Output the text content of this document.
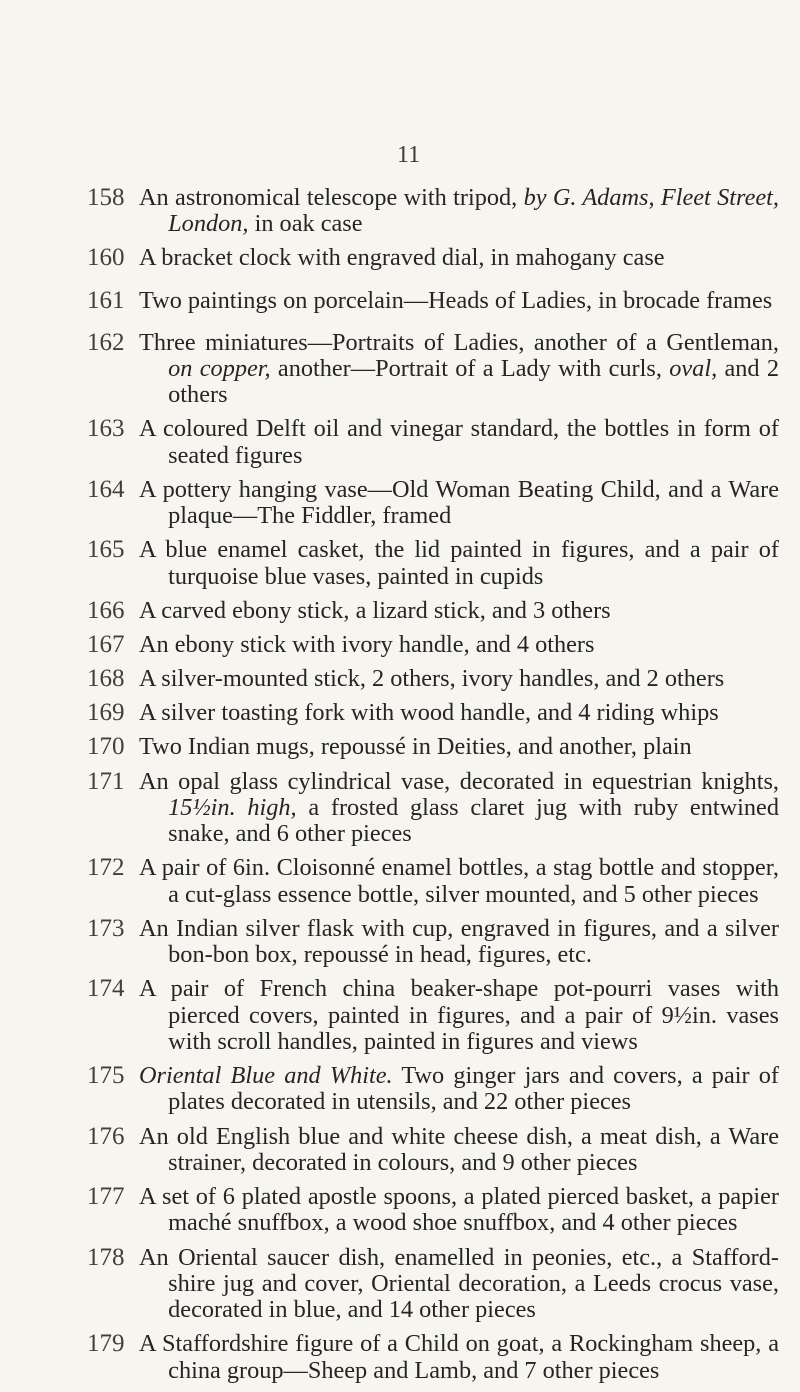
11
158 An astronomical telescope with tripod, by G. Adams, Fleet Street, London, in oak case
160 A bracket clock with engraved dial, in mahogany case
161 Two paintings on porcelain—Heads of Ladies, in brocade frames
162 Three miniatures—Portraits of Ladies, another of a Gentleman, on copper, another—Portrait of a Lady with curls, oval, and 2 others
163 A coloured Delft oil and vinegar standard, the bottles in form of seated figures
164 A pottery hanging vase—Old Woman Beating Child, and a Ware plaque—The Fiddler, framed
165 A blue enamel casket, the lid painted in figures, and a pair of turquoise blue vases, painted in cupids
166 A carved ebony stick, a lizard stick, and 3 others
167 An ebony stick with ivory handle, and 4 others
168 A silver-mounted stick, 2 others, ivory handles, and 2 others
169 A silver toasting fork with wood handle, and 4 riding whips
170 Two Indian mugs, repoussé in Deities, and another, plain
171 An opal glass cylindrical vase, decorated in equestrian knights, 15½in. high, a frosted glass claret jug with ruby entwined snake, and 6 other pieces
172 A pair of 6in. Cloisonné enamel bottles, a stag bottle and stopper, a cut-glass essence bottle, silver mounted, and 5 other pieces
173 An Indian silver flask with cup, engraved in figures, and a silver bon-bon box, repoussé in head, figures, etc.
174 A pair of French china beaker-shape pot-pourri vases with pierced covers, painted in figures, and a pair of 9½in. vases with scroll handles, painted in figures and views
175 Oriental Blue and White. Two ginger jars and covers, a pair of plates decorated in utensils, and 22 other pieces
176 An old English blue and white cheese dish, a meat dish, a Ware strainer, decorated in colours, and 9 other pieces
177 A set of 6 plated apostle spoons, a plated pierced basket, a papier maché snuffbox, a wood shoe snuffbox, and 4 other pieces
178 An Oriental saucer dish, enamelled in peonies, etc., a Stafford-shire jug and cover, Oriental decoration, a Leeds crocus vase, decorated in blue, and 14 other pieces
179 A Staffordshire figure of a Child on goat, a Rockingham sheep, a china group—Sheep and Lamb, and 7 other pieces
